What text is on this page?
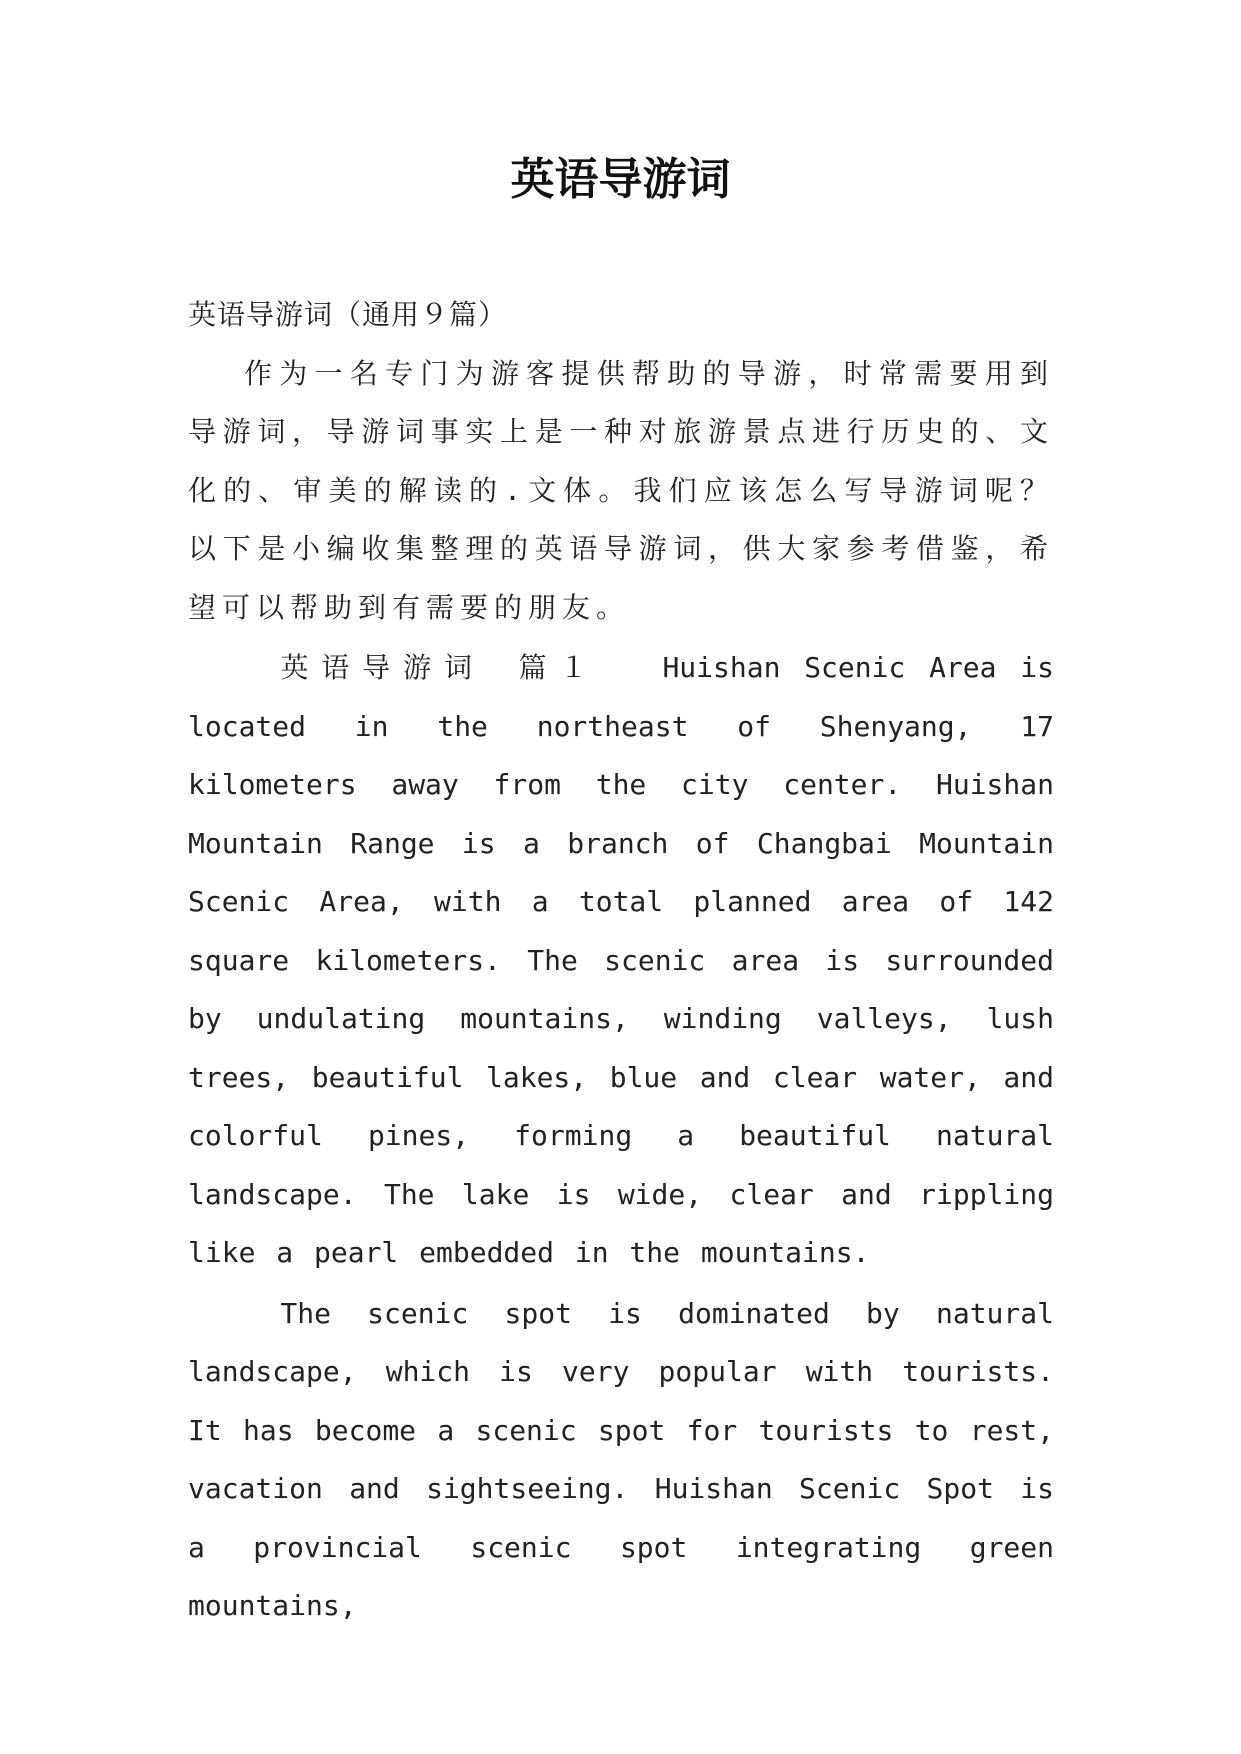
英语导游词

英语导游词（通用９篇）

作为一名专门为游客提供帮助的导游，时常需要用到导游词，导游词事实上是一种对旅游景点进行历史的、文化的、审美的解读的.文体。我们应该怎么写导游词呢？以下是小编收集整理的英语导游词，供大家参考借鉴，希望可以帮助到有需要的朋友。

英语导游词 篇１ Huishan Scenic Area is located in the northeast of Shenyang, 17 kilometers away from the city center. Huishan Mountain Range is a branch of Changbai Mountain Scenic Area, with a total planned area of 142 square kilometers. The scenic area is surrounded by undulating mountains, winding valleys, lush trees, beautiful lakes, blue and clear water, and colorful pines, forming a beautiful natural landscape. The lake is wide, clear and rippling like a pearl embedded in the mountains.

The scenic spot is dominated by natural landscape, which is very popular with tourists. It has become a scenic spot for tourists to rest, vacation and sightseeing. Huishan Scenic Spot is a provincial scenic spot integrating green mountains,
